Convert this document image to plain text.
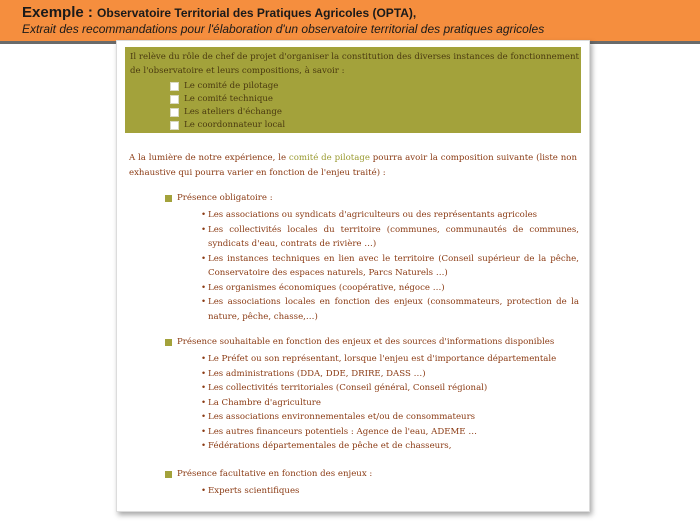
Exemple : Observatoire Territorial des Pratiques Agricoles (OPTA),
Extrait des recommandations pour l'élaboration d'un observatoire territorial des pratiques agricoles
Il relève du rôle de chef de projet d'organiser la constitution des diverses instances de fonctionnement de l'observatoire et leurs compositions, à savoir :
Le comité de pilotage
Le comité technique
Les ateliers d'échange
Le coordonnateur local
A la lumière de notre expérience, le comité de pilotage pourra avoir la composition suivante (liste non exhaustive qui pourra varier en fonction de l'enjeu traité) :
Présence obligatoire :
• Les associations ou syndicats d'agriculteurs ou des représentants agricoles
• Les collectivités locales du territoire (communes, communautés de communes, syndicats d'eau, contrats de rivière …)
• Les instances techniques en lien avec le territoire (Conseil supérieur de la pêche, Conservatoire des espaces naturels, Parcs Naturels …)
• Les organismes économiques (coopérative, négoce …)
• Les associations locales en fonction des enjeux (consommateurs, protection de la nature, pêche, chasse,…)
Présence souhaitable en fonction des enjeux et des sources d'informations disponibles
• Le Préfet ou son représentant, lorsque l'enjeu est d'importance départementale
• Les administrations (DDA, DDE, DRIRE, DASS …)
• Les collectivités territoriales (Conseil général, Conseil régional)
• La Chambre d'agriculture
• Les associations environnementales et/ou de consommateurs
• Les autres financeurs potentiels : Agence de l'eau, ADEME …
• Fédérations départementales de pêche et de chasseurs,
Présence facultative en fonction des enjeux :
• Experts scientifiques
